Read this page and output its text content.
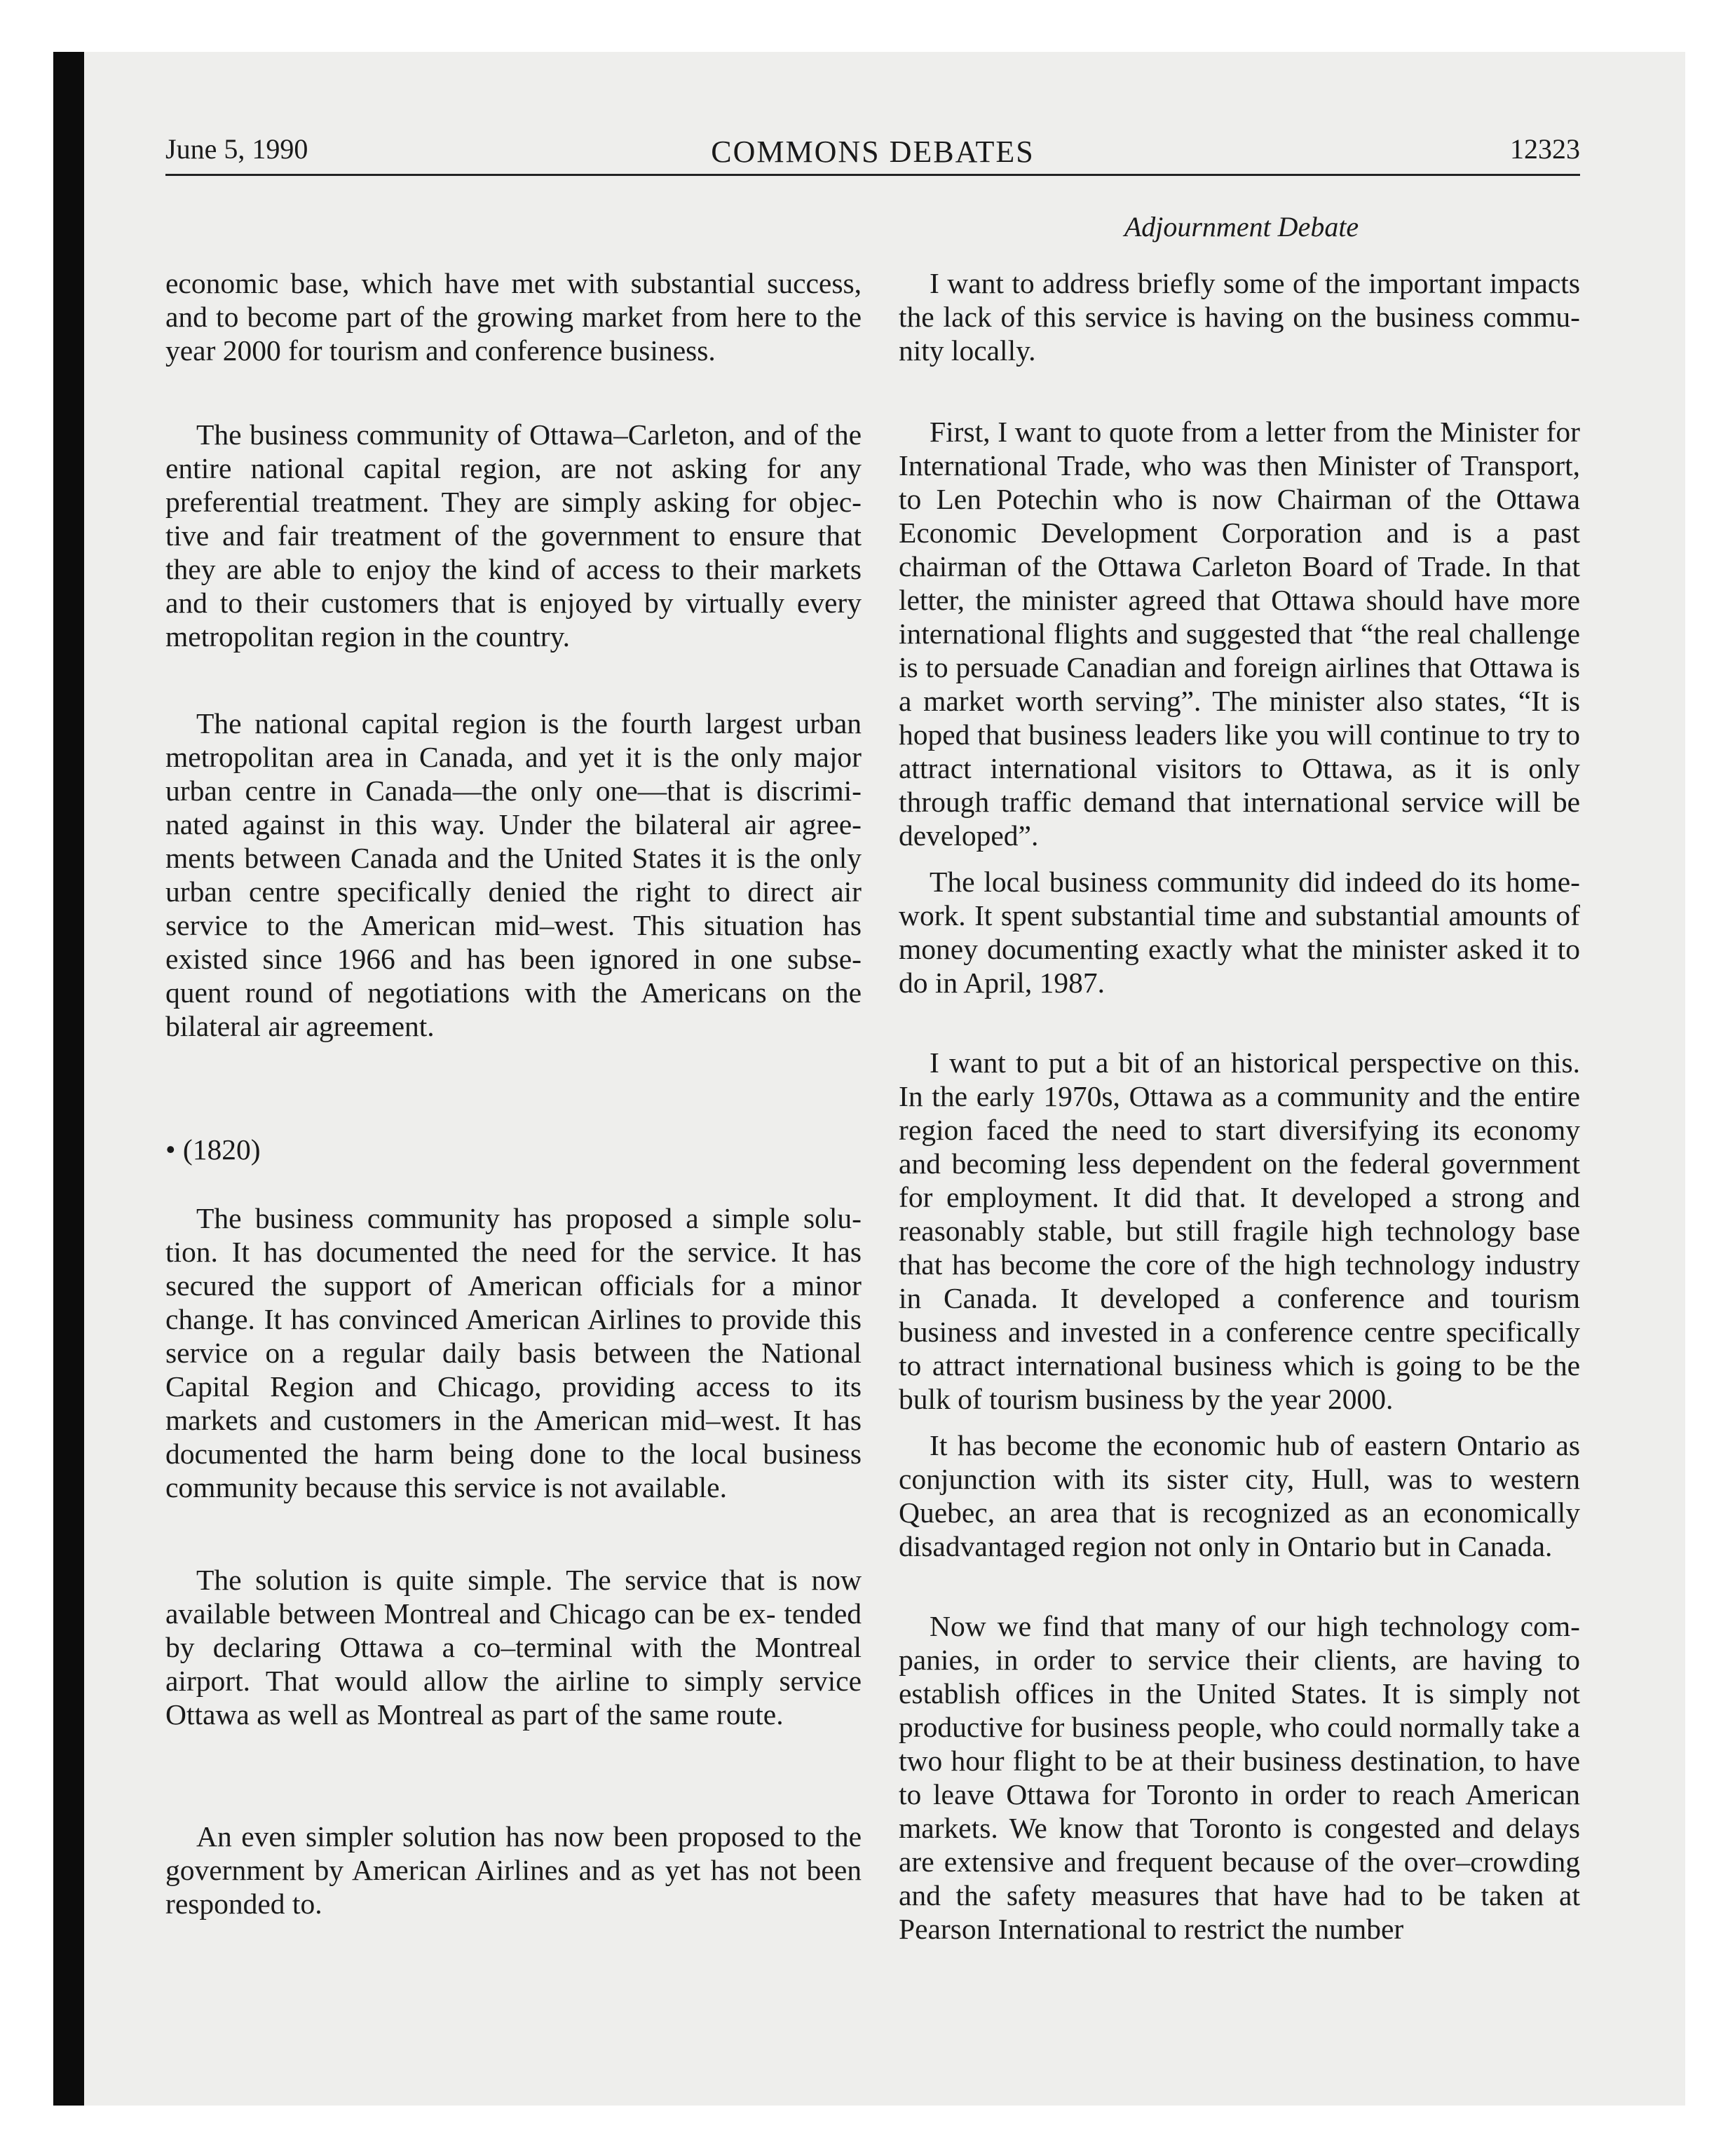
June 5, 1990	COMMONS DEBATES	12323
Adjournment Debate

economic base, which have met with substantial success, and to become part of the growing market from here to the year 2000 for tourism and conference business.

The business community of Ottawa–Carleton, and of the entire national capital region, are not asking for any preferential treatment. They are simply asking for objec- tive and fair treatment of the government to ensure that they are able to enjoy the kind of access to their markets and to their customers that is enjoyed by virtually every metropolitan region in the country.

The national capital region is the fourth largest urban metropolitan area in Canada, and yet it is the only major urban centre in Canada—the only one—that is discrimi- nated against in this way. Under the bilateral air agree- ments between Canada and the United States it is the only urban centre specifically denied the right to direct air service to the American mid–west. This situation has existed since 1966 and has been ignored in one subse- quent round of negotiations with the Americans on the bilateral air agreement.

• (1820)

The business community has proposed a simple solu- tion. It has documented the need for the service. It has secured the support of American officials for a minor change. It has convinced American Airlines to provide this service on a regular daily basis between the National Capital Region and Chicago, providing access to its markets and customers in the American mid–west. It has documented the harm being done to the local business community because this service is not available.

The solution is quite simple. The service that is now available between Montreal and Chicago can be ex- tended by declaring Ottawa a co–terminal with the Montreal airport. That would allow the airline to simply service Ottawa as well as Montreal as part of the same route.

An even simpler solution has now been proposed to the government by American Airlines and as yet has not been responded to.

I want to address briefly some of the important impacts the lack of this service is having on the business commu- nity locally.

First, I want to quote from a letter from the Minister for International Trade, who was then Minister of Transport, to Len Potechin who is now Chairman of the Ottawa Economic Development Corporation and is a past chairman of the Ottawa Carleton Board of Trade. In that letter, the minister agreed that Ottawa should have more international flights and suggested that “the real challenge is to persuade Canadian and foreign airlines that Ottawa is a market worth serving”. The minister also states, “It is hoped that business leaders like you will continue to try to attract international visitors to Ottawa, as it is only through traffic demand that international service will be developed”.

The local business community did indeed do its home- work. It spent substantial time and substantial amounts of money documenting exactly what the minister asked it to do in April, 1987.

I want to put a bit of an historical perspective on this. In the early 1970s, Ottawa as a community and the entire region faced the need to start diversifying its economy and becoming less dependent on the federal government for employment. It did that. It developed a strong and reasonably stable, but still fragile high technology base that has become the core of the high technology industry in Canada. It developed a conference and tourism business and invested in a conference centre specifically to attract international business which is going to be the bulk of tourism business by the year 2000.

It has become the economic hub of eastern Ontario as conjunction with its sister city, Hull, was to western Quebec, an area that is recognized as an economically disadvantaged region not only in Ontario but in Canada.

Now we find that many of our high technology com- panies, in order to service their clients, are having to establish offices in the United States. It is simply not productive for business people, who could normally take a two hour flight to be at their business destination, to have to leave Ottawa for Toronto in order to reach American markets. We know that Toronto is congested and delays are extensive and frequent because of the over–crowding and the safety measures that have had to be taken at Pearson International to restrict the number
